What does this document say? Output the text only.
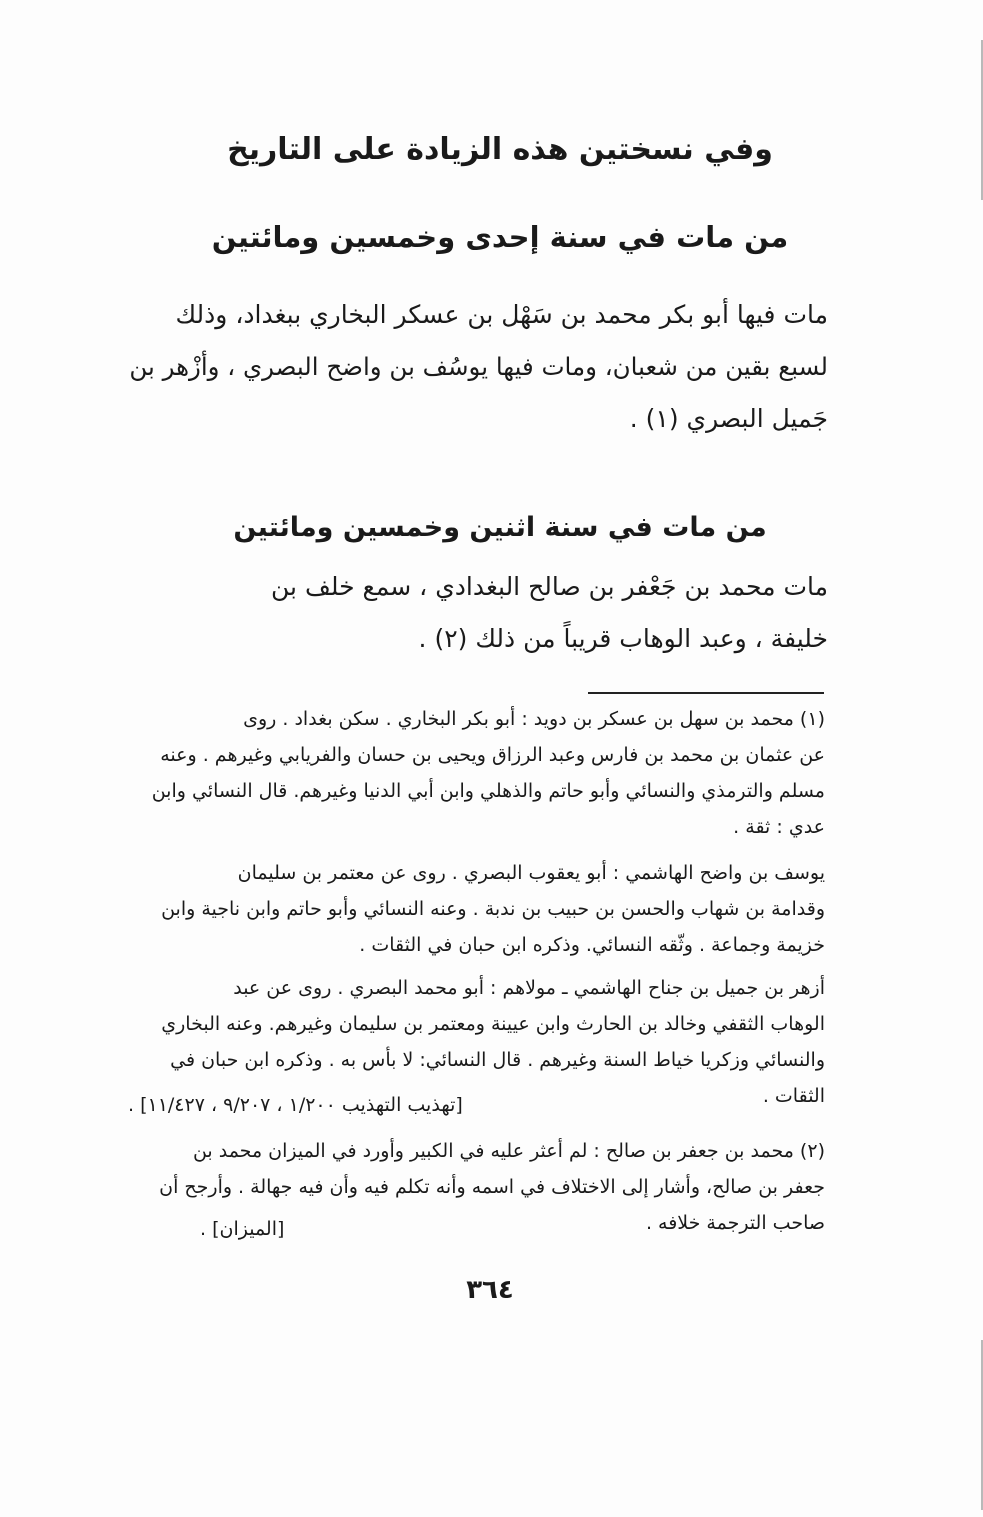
وفي نسختين هذه الزيادة على التاريخ
من مات في سنة إحدى وخمسين ومائتين
مات فيها أبو بكر محمد بن سَهْل بن عسكر البخاري ببغداد، وذلك
لسبع بقين من شعبان، ومات فيها يوسُف بن واضح البصري ، وأزْهر بن
جَميل البصري (١) .
من مات في سنة اثنين وخمسين ومائتين
مات محمد بن جَعْفر بن صالح البغدادي ، سمع خلف بن
خليفة ، وعبد الوهاب قريباً من ذلك (٢) .
(١) محمد بن سهل بن عسكر بن دويد : أبو بكر البخاري . سكن بغداد . روى
عن عثمان بن محمد بن فارس وعبد الرزاق ويحيى بن حسان والفريابي وغيرهم . وعنه
مسلم والترمذي والنسائي وأبو حاتم والذهلي وابن أبي الدنيا وغيرهم. قال النسائي وابن
عدي : ثقة .
يوسف بن واضح الهاشمي : أبو يعقوب البصري . روى عن معتمر بن سليمان
وقدامة بن شهاب والحسن بن حبيب بن ندبة . وعنه النسائي وأبو حاتم وابن ناجية وابن
خزيمة وجماعة . وثّقه النسائي. وذكره ابن حبان في الثقات .
أزهر بن جميل بن جناح الهاشمي ـ مولاهم : أبو محمد البصري . روى عن عبد
الوهاب الثقفي وخالد بن الحارث وابن عيينة ومعتمر بن سليمان وغيرهم. وعنه البخاري
والنسائي وزكريا خياط السنة وغيرهم . قال النسائي: لا بأس به . وذكره ابن حبان في
الثقات .
[تهذيب التهذيب ١/٢٠٠ ، ٩/٢٠٧ ، ١١/٤٢٧] .
(٢) محمد بن جعفر بن صالح : لم أعثر عليه في الكبير وأورد في الميزان محمد بن
جعفر بن صالح، وأشار إلى الاختلاف في اسمه وأنه تكلم فيه وأن فيه جهالة . وأرجح أن
صاحب الترجمة خلافه .
[الميزان] .
٣٦٤
